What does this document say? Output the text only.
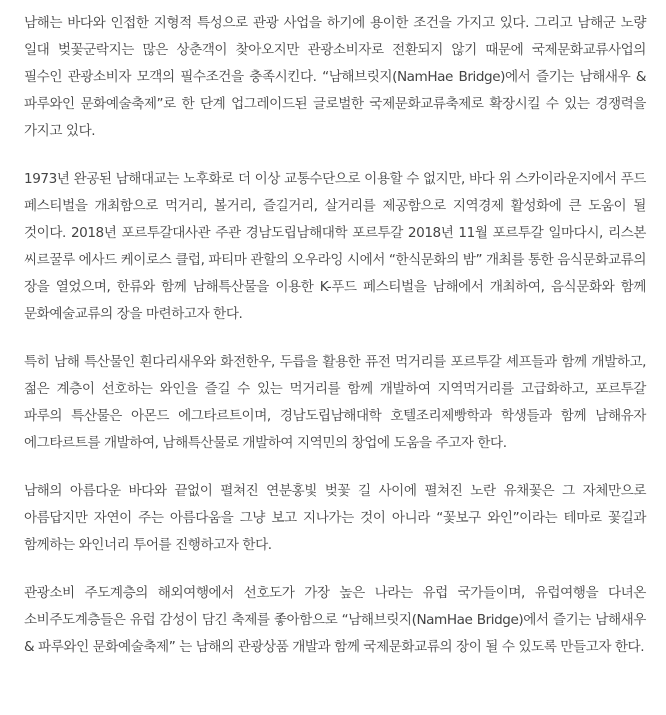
남해는 바다와 인접한 지형적 특성으로 관광 사업을 하기에 용이한 조건을 가지고 있다. 그리고 남해군 노량 일대 벚꽃군락지는 많은 상춘객이 찾아오지만 관광소비자로 전환되지 않기 때문에 국제문화교류사업의 필수인 관광소비자 모객의 필수조건을 충족시킨다. “남해브릿지(NamHae Bridge)에서 즐기는 남해새우 & 파루와인 문화예술축제”로 한 단계 업그레이드된 글로벌한 국제문화교류축제로 확장시킬 수 있는 경쟁력을 가지고 있다.

1973년 완공된 남해대교는 노후화로 더 이상 교통수단으로 이용할 수 없지만, 바다 위 스카이라운지에서 푸드 페스티벌을 개최함으로 먹거리, 볼거리, 즐길거리, 살거리를 제공함으로 지역경제 활성화에 큰 도움이 될 것이다. 2018년 포르투갈대사관 주관 경남도립남해대학 포르투갈 2018년 11월 포르투갈 일마다시, 리스본 씨르꿀루 에사드 케이로스 클럽, 파티마 관할의 오우라잉 시에서 “한식문화의 밤” 개최를 통한 음식문화교류의 장을 열었으며, 한류와 함께 남해특산물을 이용한 K-푸드 페스티벌을 남해에서 개최하여, 음식문화와 함께 문화예술교류의 장을 마련하고자 한다.

특히 남해 특산물인 흰다리새우와 화전한우, 두릅을 활용한 퓨전 먹거리를 포르투갈 셰프들과 함께 개발하고, 젊은 계층이 선호하는 와인을 즐길 수 있는 먹거리를 함께 개발하여 지역먹거리를 고급화하고, 포르투갈 파루의 특산물은 아몬드 에그타르트이며, 경남도립남해대학 호텔조리제빵학과 학생들과 함께 남해유자 에그타르트를 개발하여, 남해특산물로 개발하여 지역민의 창업에 도움을 주고자 한다.

남해의 아름다운 바다와 끝없이 펼쳐진 연분홍빛 벚꽃 길 사이에 펼쳐진 노란 유채꽃은 그 자체만으로 아름답지만 자연이 주는 아름다움을 그냥 보고 지나가는 것이 아니라 “꽃보구 와인”이라는 테마로 꽃길과 함께하는 와인너리 투어를 진행하고자 한다.

관광소비 주도계층의 해외여행에서 선호도가 가장 높은 나라는 유럽 국가들이며, 유럽여행을 다녀온 소비주도계층들은 유럽 감성이 담긴 축제를 좋아함으로 “남해브릿지(NamHae Bridge)에서 즐기는 남해새우 & 파루와인 문화예술축제” 는 남해의 관광상품 개발과 함께 국제문화교류의 장이 될 수 있도록 만들고자 한다.
